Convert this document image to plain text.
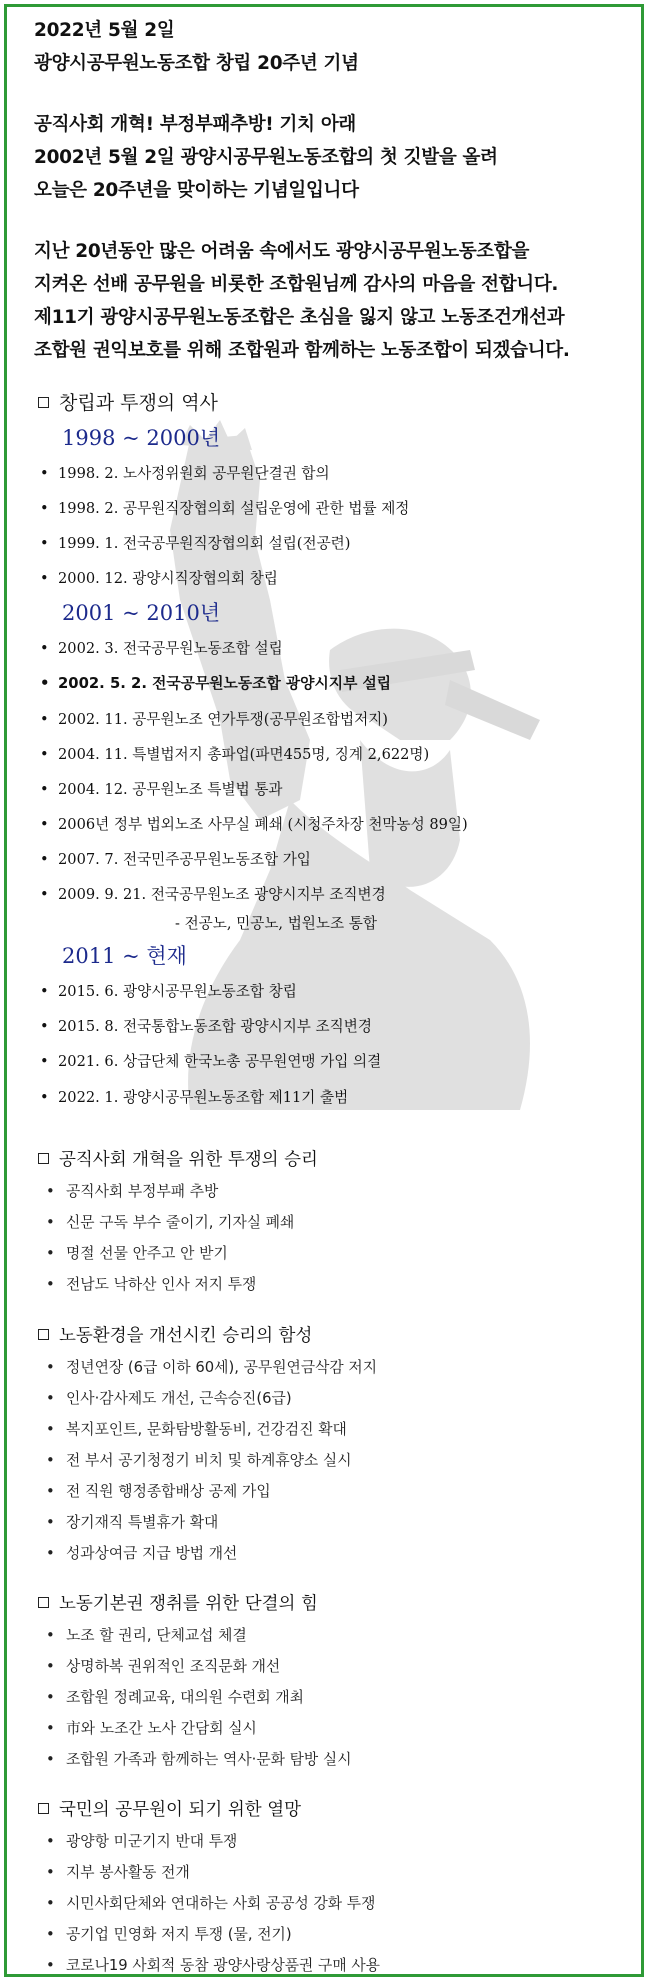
2022년 5월 2일
광양시공무원노동조합 창립 20주년 기념
공직사회 개혁! 부정부패추방! 기치 아래
2002년 5월 2일 광양시공무원노동조합의 첫 깃발을 올려
오늘은 20주년을 맞이하는 기념일입니다
지난 20년동안 많은 어려움 속에서도 광양시공무원노동조합을
지켜온 선배 공무원을 비롯한 조합원님께 감사의 마음을 전합니다.
제11기 광양시공무원노동조합은 초심을 잃지 않고 노동조건개선과
조합원 권익보호를 위해 조합원과 함께하는 노동조합이 되겠습니다.
창립과 투쟁의 역사
1998 ~ 2000년
• 1998. 2. 노사정위원회 공무원단결권 합의
• 1998. 2. 공무원직장협의회 설립운영에 관한 법률 제정
• 1999. 1. 전국공무원직장협의회 설립(전공련)
• 2000. 12. 광양시직장협의회 창립
2001 ~ 2010년
• 2002. 3. 전국공무원노동조합 설립
• 2002. 5. 2. 전국공무원노동조합 광양시지부 설립
• 2002. 11. 공무원노조 연가투쟁(공무원조합법저지)
• 2004. 11. 특별법저지 총파업(파면455명, 징계 2,622명)
• 2004. 12. 공무원노조 특별법 통과
• 2006년 정부 법외노조 사무실 폐쇄 (시청주차장 천막농성 89일)
• 2007. 7. 전국민주공무원노동조합 가입
• 2009. 9. 21. 전국공무원노조 광양시지부 조직변경
- 전공노, 민공노, 법원노조 통합
2011 ~ 현재
• 2015. 6. 광양시공무원노동조합 창립
• 2015. 8. 전국통합노동조합 광양시지부 조직변경
• 2021. 6. 상급단체 한국노총 공무원연맹 가입 의결
• 2022. 1. 광양시공무원노동조합 제11기 출범
공직사회 개혁을 위한 투쟁의 승리
• 공직사회 부정부패 추방
• 신문 구독 부수 줄이기, 기자실 폐쇄
• 명절 선물 안주고 안 받기
• 전남도 낙하산 인사 저지 투쟁
노동환경을 개선시킨 승리의 함성
• 정년연장 (6급 이하 60세), 공무원연금삭감 저지
• 인사·감사제도 개선, 근속승진(6급)
• 복지포인트, 문화탐방활동비, 건강검진 확대
• 전 부서 공기청정기 비치 및 하계휴양소 실시
• 전 직원 행정종합배상 공제 가입
• 장기재직 특별휴가 확대
• 성과상여금 지급 방법 개선
노동기본권 쟁취를 위한 단결의 힘
• 노조 할 권리, 단체교섭 체결
• 상명하복 권위적인 조직문화 개선
• 조합원 정례교육, 대의원 수련회 개최
• 市와 노조간 노사 간담회 실시
• 조합원 가족과 함께하는 역사·문화 탐방 실시
국민의 공무원이 되기 위한 열망
• 광양항 미군기지 반대 투쟁
• 지부 봉사활동 전개
• 시민사회단체와 연대하는 사회 공공성 강화 투쟁
• 공기업 민영화 저지 투쟁 (물, 전기)
• 코로나19 사회적 동참 광양사랑상품권 구매 사용
